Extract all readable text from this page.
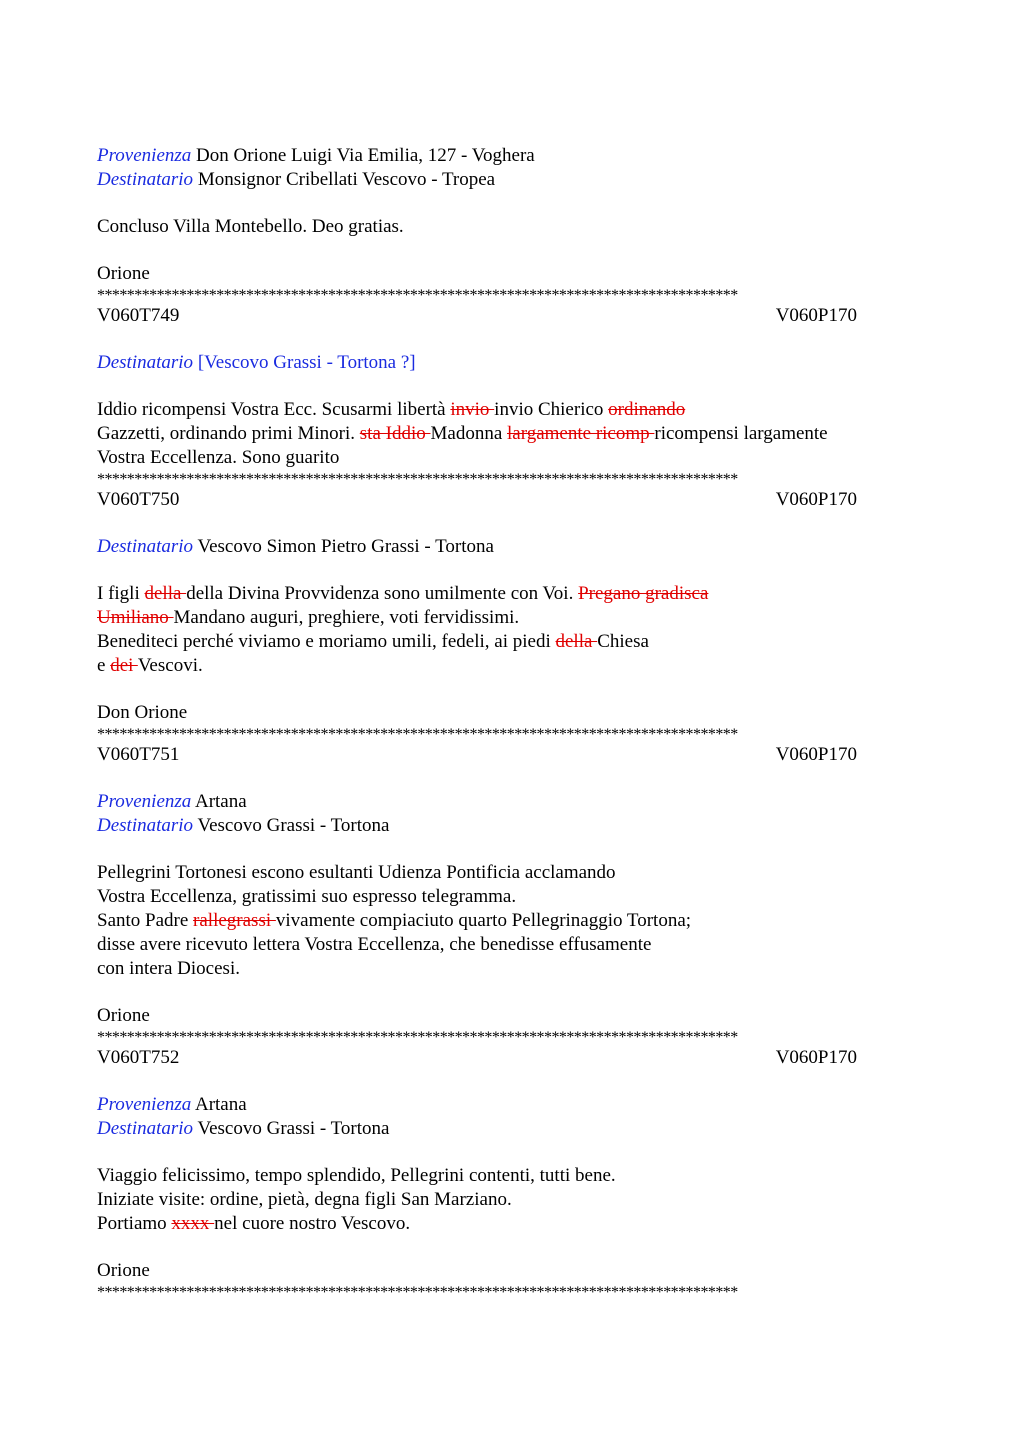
Provenienza Don Orione Luigi Via Emilia, 127 - Voghera
Destinatario Monsignor Cribellati Vescovo - Tropea
Concluso Villa Montebello. Deo gratias.
Orione
**************************************************************************************
V060T749	V060P170
Destinatario [Vescovo Grassi - Tortona ?]
Iddio ricompensi Vostra Ecc. Scusarmi libertà invio invio Chierico ordinando
Gazzetti, ordinando primi Minori. sta Iddio Madonna largamente ricomp ricompensi largamente
Vostra Eccellenza. Sono guarito
**************************************************************************************
V060T750	V060P170
Destinatario Vescovo Simon Pietro Grassi - Tortona
I figli della della Divina Provvidenza sono umilmente con Voi. Pregano gradisca
Umiliano Mandano auguri, preghiere, voti fervidissimi.
Benediteci perché viviamo e moriamo umili, fedeli, ai piedi della Chiesa
e dei Vescovi.
Don Orione
**************************************************************************************
V060T751	V060P170
Provenienza Artana
Destinatario Vescovo Grassi - Tortona
Pellegrini Tortonesi escono esultanti Udienza Pontificia acclamando
Vostra Eccellenza, gratissimi suo espresso telegramma.
Santo Padre rallegrassi vivamente compiaciuto quarto Pellegrinaggio Tortona;
disse avere ricevuto lettera Vostra Eccellenza, che benedisse effusamente
con intera Diocesi.
Orione
**************************************************************************************
V060T752	V060P170
Provenienza Artana
Destinatario Vescovo Grassi - Tortona
Viaggio felicissimo, tempo splendido, Pellegrini contenti, tutti bene.
Iniziate visite: ordine, pietà, degna figli San Marziano.
Portiamo xxxx nel cuore nostro Vescovo.
Orione
**************************************************************************************
